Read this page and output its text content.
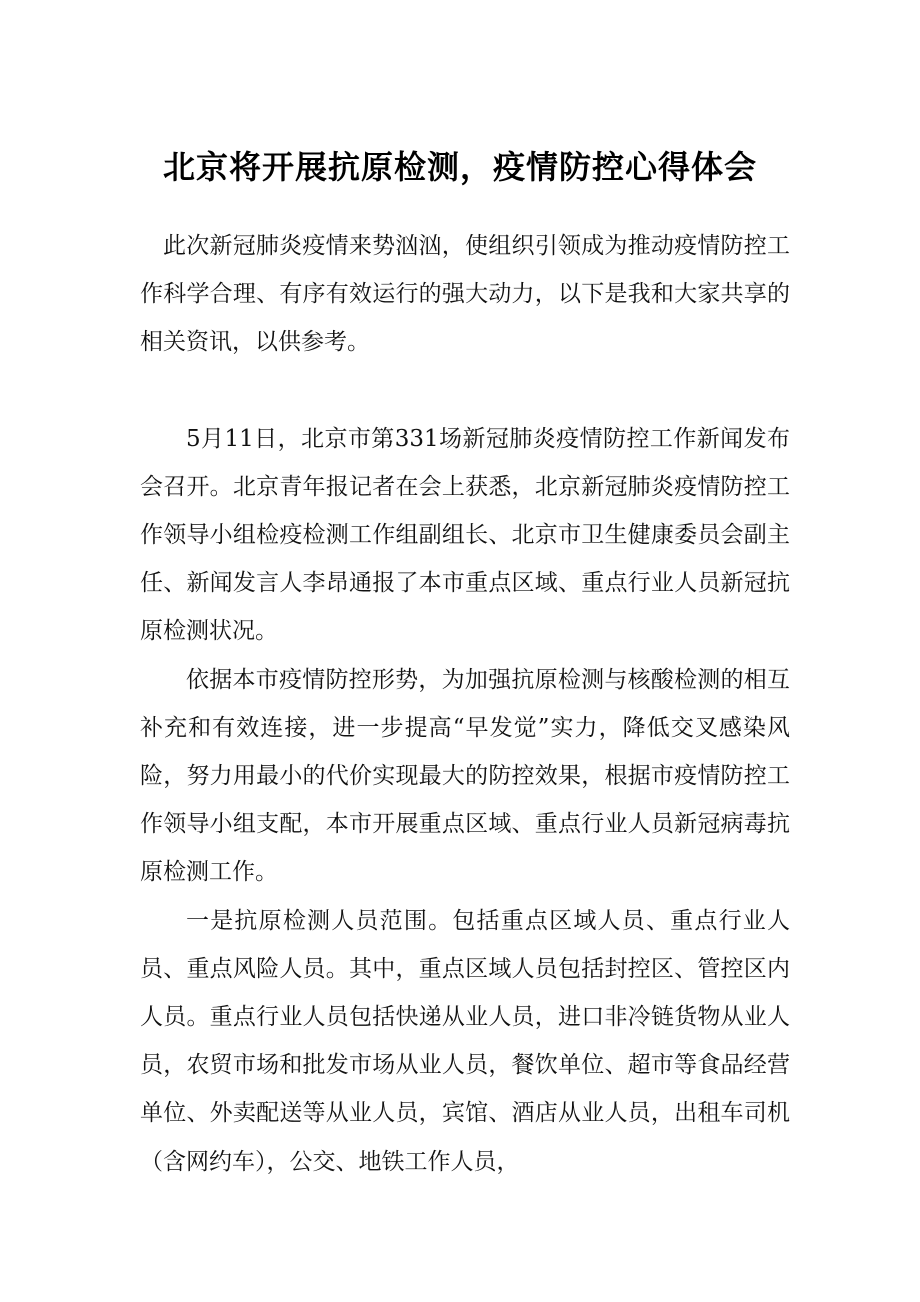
北京将开展抗原检测，疫情防控心得体会

此次新冠肺炎疫情来势汹汹，使组织引领成为推动疫情防控工作科学合理、有序有效运行的强大动力，以下是我和大家共享的相关资讯，以供参考。

5月11日，北京市第331场新冠肺炎疫情防控工作新闻发布会召开。北京青年报记者在会上获悉，北京新冠肺炎疫情防控工作领导小组检疫检测工作组副组长、北京市卫生健康委员会副主任、新闻发言人李昂通报了本市重点区域、重点行业人员新冠抗原检测状况。

依据本市疫情防控形势，为加强抗原检测与核酸检测的相互补充和有效连接，进一步提高“早发觉”实力，降低交叉感染风险，努力用最小的代价实现最大的防控效果，根据市疫情防控工作领导小组支配，本市开展重点区域、重点行业人员新冠病毒抗原检测工作。

一是抗原检测人员范围。包括重点区域人员、重点行业人员、重点风险人员。其中，重点区域人员包括封控区、管控区内人员。重点行业人员包括快递从业人员，进口非冷链货物从业人员，农贸市场和批发市场从业人员，餐饮单位、超市等食品经营单位、外卖配送等从业人员，宾馆、酒店从业人员，出租车司机（含网约车），公交、地铁工作人员，
